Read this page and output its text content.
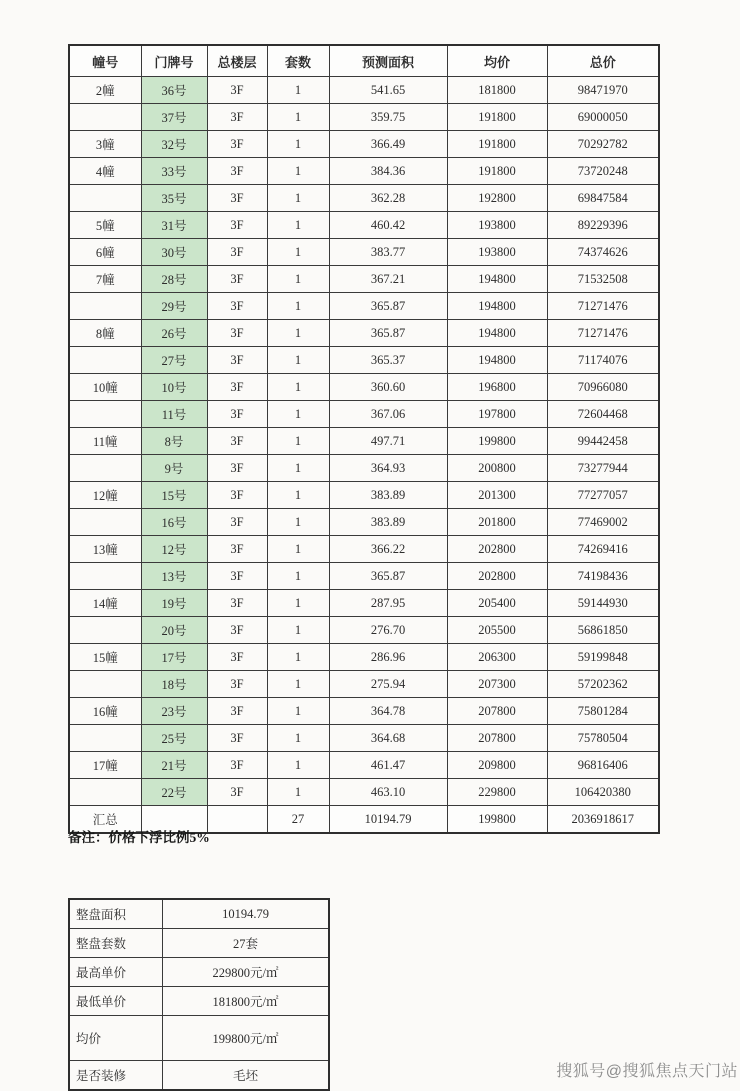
幢号	门牌号	总楼层	套数	预测面积	均价	总价
2幢	36号	3F	1	541.65	181800	98471970
	37号	3F	1	359.75	191800	69000050
3幢	32号	3F	1	366.49	191800	70292782
4幢	33号	3F	1	384.36	191800	73720248
	35号	3F	1	362.28	192800	69847584
5幢	31号	3F	1	460.42	193800	89229396
6幢	30号	3F	1	383.77	193800	74374626
7幢	28号	3F	1	367.21	194800	71532508
	29号	3F	1	365.87	194800	71271476
8幢	26号	3F	1	365.87	194800	71271476
	27号	3F	1	365.37	194800	71174076
10幢	10号	3F	1	360.60	196800	70966080
	11号	3F	1	367.06	197800	72604468
11幢	8号	3F	1	497.71	199800	99442458
	9号	3F	1	364.93	200800	73277944
12幢	15号	3F	1	383.89	201300	77277057
	16号	3F	1	383.89	201800	77469002
13幢	12号	3F	1	366.22	202800	74269416
	13号	3F	1	365.87	202800	74198436
14幢	19号	3F	1	287.95	205400	59144930
	20号	3F	1	276.70	205500	56861850
15幢	17号	3F	1	286.96	206300	59199848
	18号	3F	1	275.94	207300	57202362
16幢	23号	3F	1	364.78	207800	75801284
	25号	3F	1	364.68	207800	75780504
17幢	21号	3F	1	461.47	209800	96816406
	22号	3F	1	463.10	229800	106420380
汇总			27	10194.79	199800	2036918617
备注：价格下浮比例5%
整盘面积	10194.79
整盘套数	27套
最高单价	229800元/㎡
最低单价	181800元/㎡
均价	199800元/㎡
是否装修	毛坯	搜狐号@搜狐焦点天门站
